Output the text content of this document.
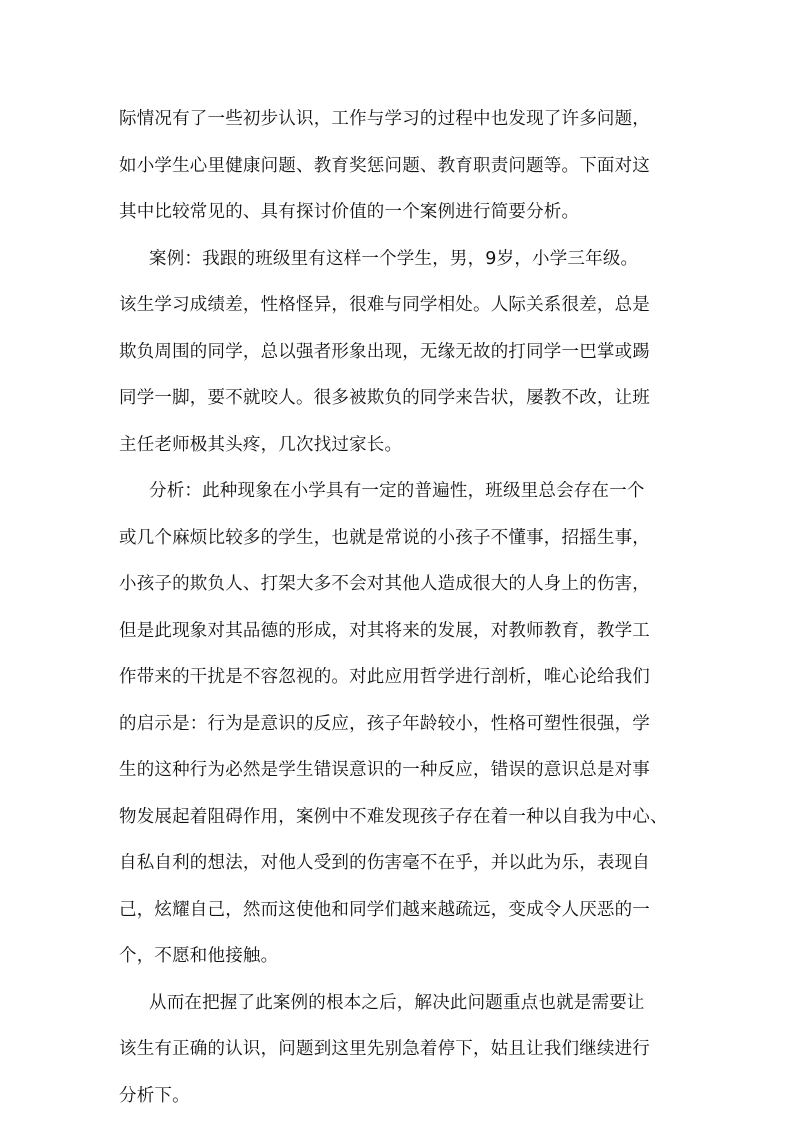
际情况有了一些初步认识，工作与学习的过程中也发现了许多问题，
如小学生心里健康问题、教育奖惩问题、教育职责问题等。下面对这
其中比较常见的、具有探讨价值的一个案例进行简要分析。
案例：我跟的班级里有这样一个学生，男，9岁，小学三年级。
该生学习成绩差，性格怪异，很难与同学相处。人际关系很差，总是
欺负周围的同学，总以强者形象出现，无缘无故的打同学一巴掌或踢
同学一脚，要不就咬人。很多被欺负的同学来告状，屡教不改，让班
主任老师极其头疼，几次找过家长。
分析：此种现象在小学具有一定的普遍性，班级里总会存在一个
或几个麻烦比较多的学生，也就是常说的小孩子不懂事，招摇生事，
小孩子的欺负人、打架大多不会对其他人造成很大的人身上的伤害，
但是此现象对其品德的形成，对其将来的发展，对教师教育，教学工
作带来的干扰是不容忽视的。对此应用哲学进行剖析，唯心论给我们
的启示是：行为是意识的反应，孩子年龄较小，性格可塑性很强，学
生的这种行为必然是学生错误意识的一种反应，错误的意识总是对事
物发展起着阻碍作用，案例中不难发现孩子存在着一种以自我为中心、
自私自利的想法，对他人受到的伤害毫不在乎，并以此为乐，表现自
己，炫耀自己，然而这使他和同学们越来越疏远，变成令人厌恶的一
个，不愿和他接触。
从而在把握了此案例的根本之后，解决此问题重点也就是需要让
该生有正确的认识，问题到这里先别急着停下，姑且让我们继续进行
分析下。
